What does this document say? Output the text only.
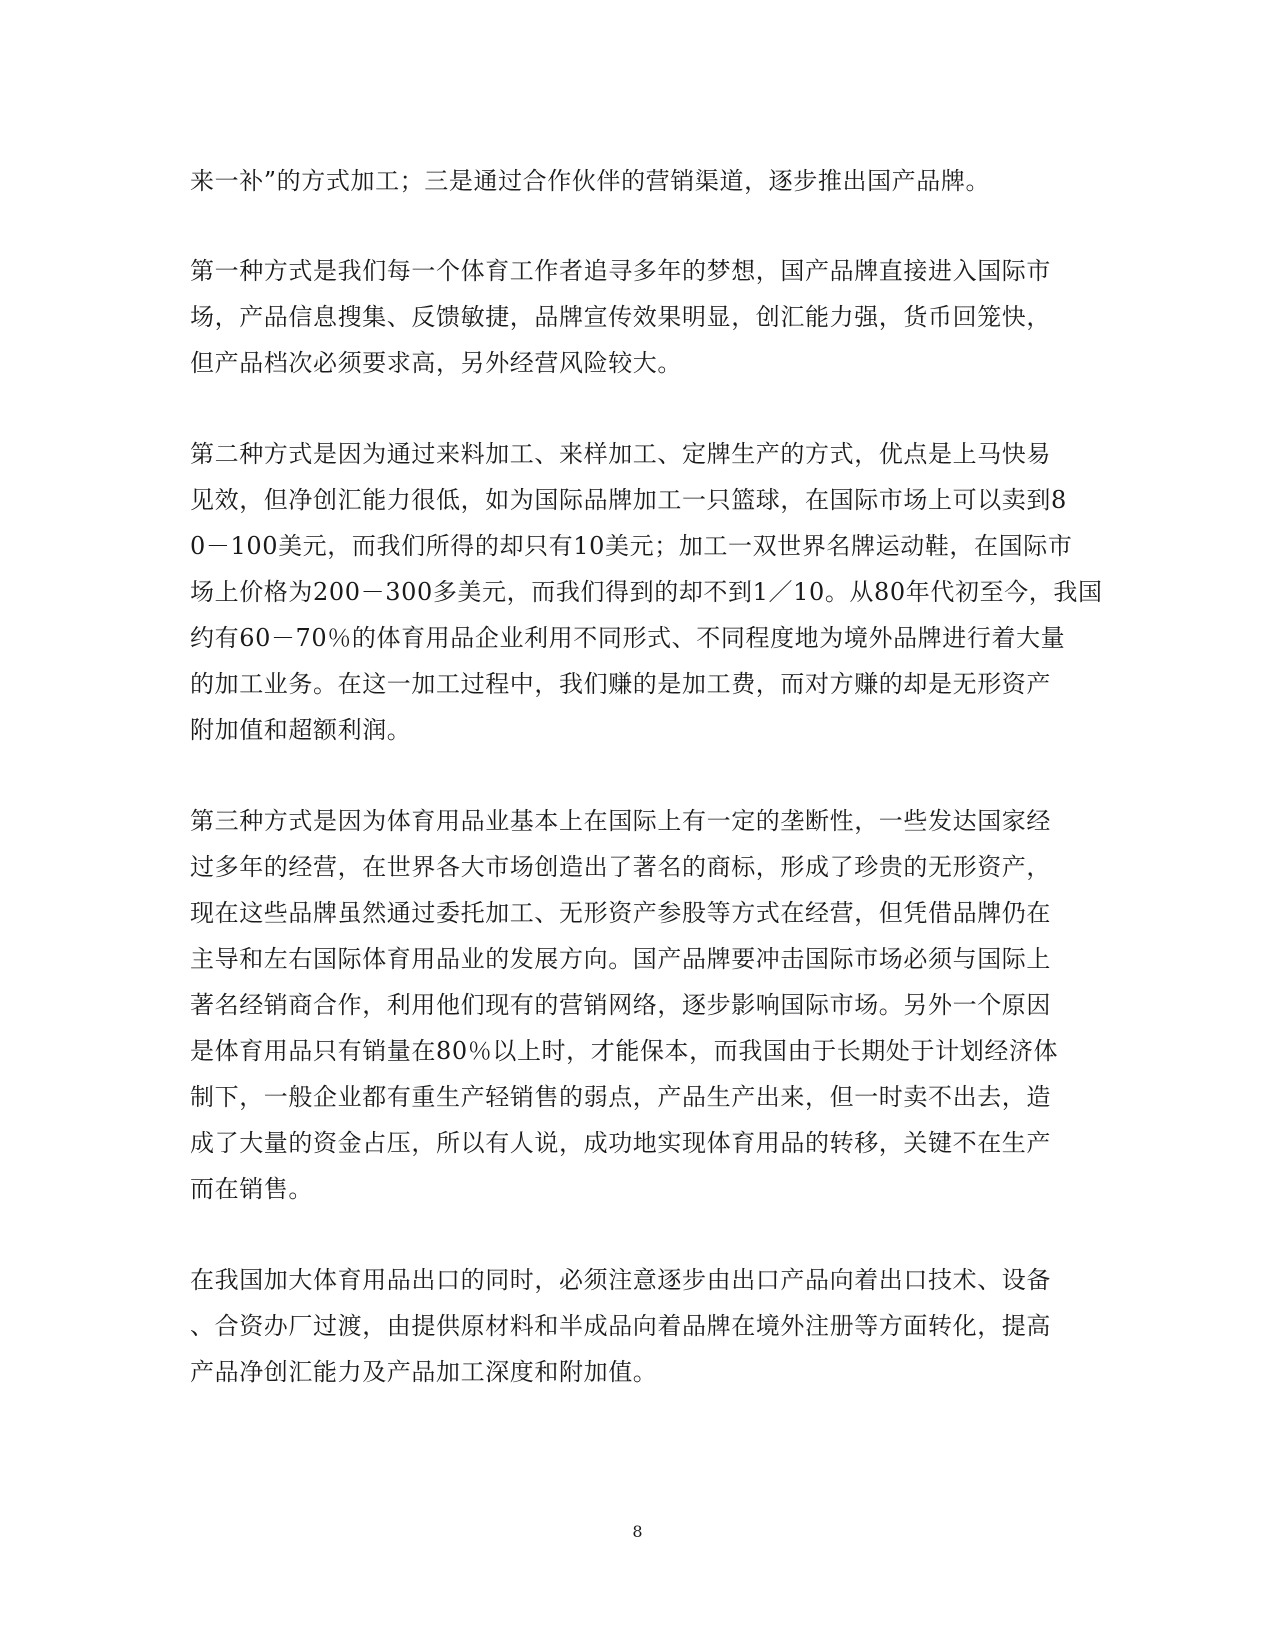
来一补”的方式加工；三是通过合作伙伴的营销渠道，逐步推出国产品牌。
第一种方式是我们每一个体育工作者追寻多年的梦想，国产品牌直接进入国际市
场，产品信息搜集、反馈敏捷，品牌宣传效果明显，创汇能力强，货币回笼快，
但产品档次必须要求高，另外经营风险较大。
第二种方式是因为通过来料加工、来样加工、定牌生产的方式，优点是上马快易
见效，但净创汇能力很低，如为国际品牌加工一只篮球，在国际市场上可以卖到8
0－100美元，而我们所得的却只有10美元；加工一双世界名牌运动鞋，在国际市
场上价格为200－300多美元，而我们得到的却不到1／10。从80年代初至今，我国
约有60－70％的体育用品企业利用不同形式、不同程度地为境外品牌进行着大量
的加工业务。在这一加工过程中，我们赚的是加工费，而对方赚的却是无形资产
附加值和超额利润。
第三种方式是因为体育用品业基本上在国际上有一定的垄断性，一些发达国家经
过多年的经营，在世界各大市场创造出了著名的商标，形成了珍贵的无形资产，
现在这些品牌虽然通过委托加工、无形资产参股等方式在经营，但凭借品牌仍在
主导和左右国际体育用品业的发展方向。国产品牌要冲击国际市场必须与国际上
著名经销商合作，利用他们现有的营销网络，逐步影响国际市场。另外一个原因
是体育用品只有销量在80％以上时，才能保本，而我国由于长期处于计划经济体
制下，一般企业都有重生产轻销售的弱点，产品生产出来，但一时卖不出去，造
成了大量的资金占压，所以有人说，成功地实现体育用品的转移，关键不在生产
而在销售。
在我国加大体育用品出口的同时，必须注意逐步由出口产品向着出口技术、设备
、合资办厂过渡，由提供原材料和半成品向着品牌在境外注册等方面转化，提高
产品净创汇能力及产品加工深度和附加值。
8
